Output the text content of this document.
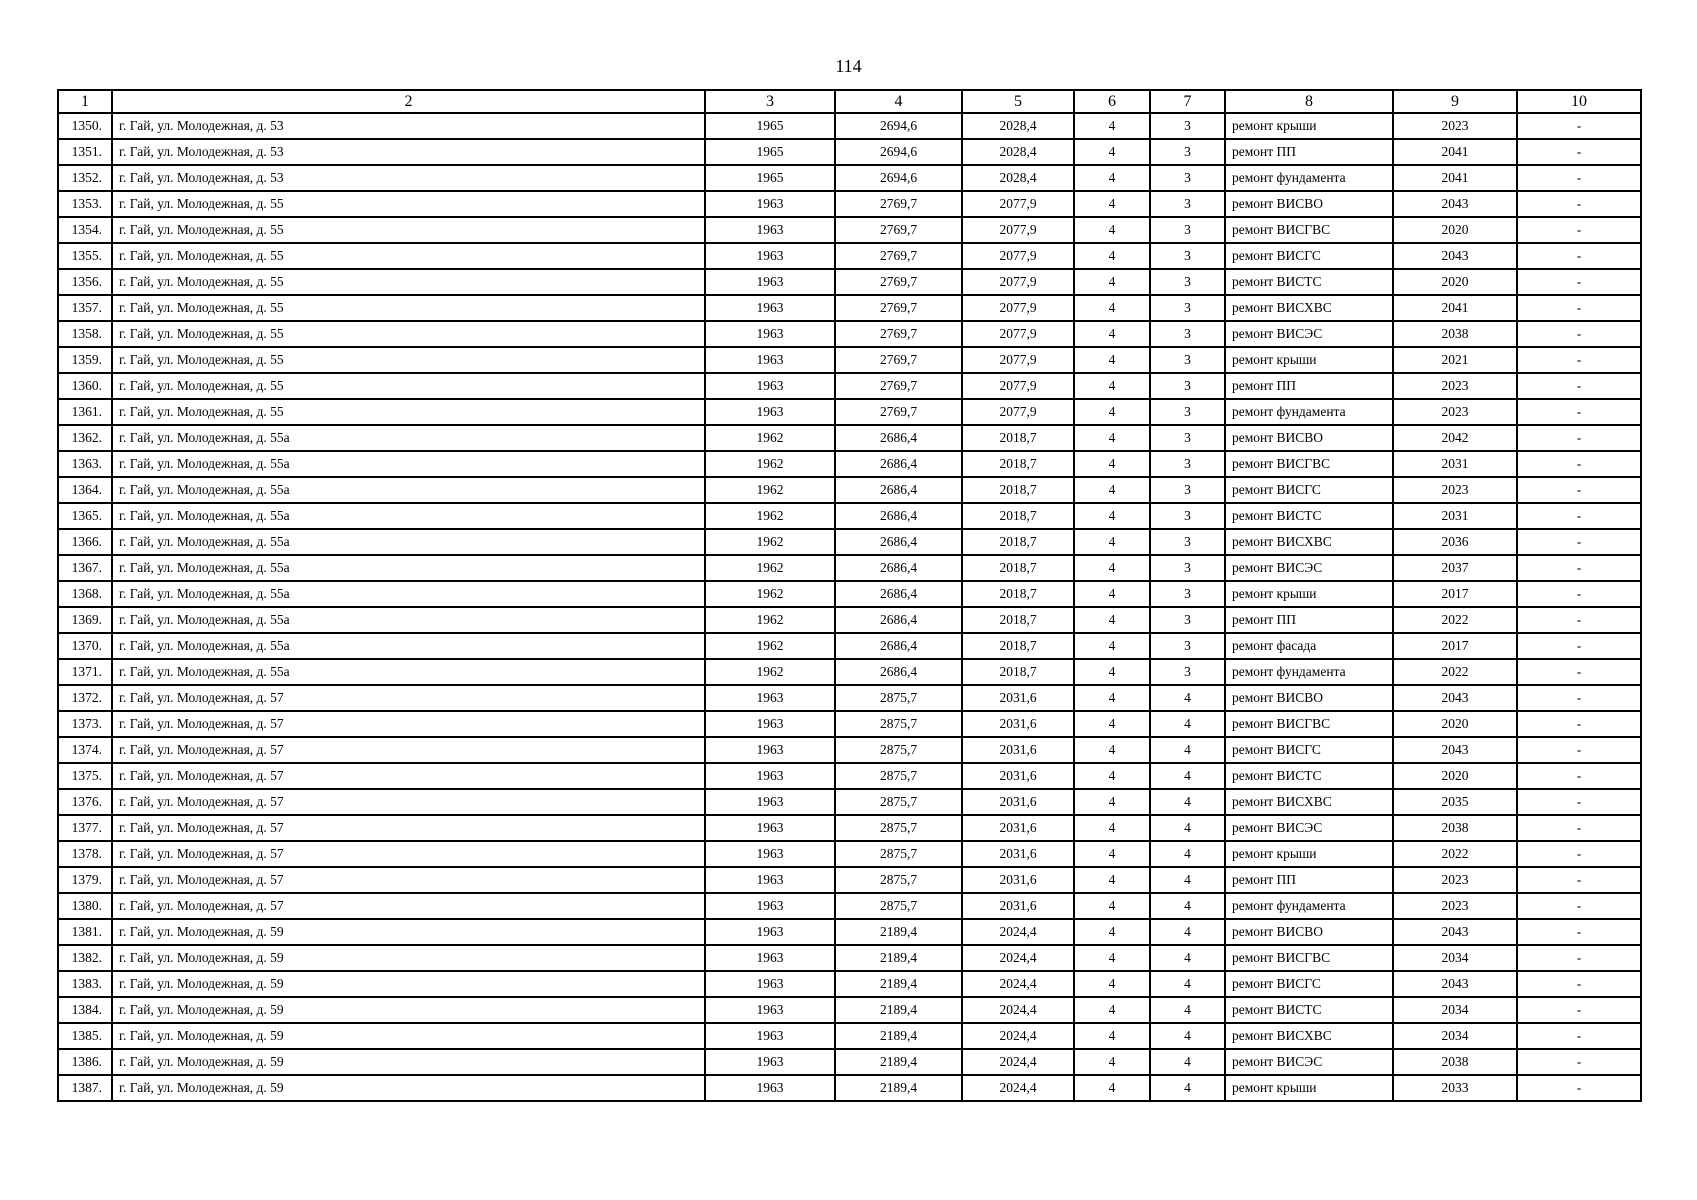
114
1	2	3	4	5	6	7	8	9	10
1350.	г. Гай, ул. Молодежная, д. 53	1965	2694,6	2028,4	4	3	ремонт крыши	2023	-
1351.	г. Гай, ул. Молодежная, д. 53	1965	2694,6	2028,4	4	3	ремонт ПП	2041	-
1352.	г. Гай, ул. Молодежная, д. 53	1965	2694,6	2028,4	4	3	ремонт фундамента	2041	-
1353.	г. Гай, ул. Молодежная, д. 55	1963	2769,7	2077,9	4	3	ремонт ВИСВО	2043	-
1354.	г. Гай, ул. Молодежная, д. 55	1963	2769,7	2077,9	4	3	ремонт ВИСГВС	2020	-
1355.	г. Гай, ул. Молодежная, д. 55	1963	2769,7	2077,9	4	3	ремонт ВИСГС	2043	-
1356.	г. Гай, ул. Молодежная, д. 55	1963	2769,7	2077,9	4	3	ремонт ВИСТС	2020	-
1357.	г. Гай, ул. Молодежная, д. 55	1963	2769,7	2077,9	4	3	ремонт ВИСХВС	2041	-
1358.	г. Гай, ул. Молодежная, д. 55	1963	2769,7	2077,9	4	3	ремонт ВИСЭС	2038	-
1359.	г. Гай, ул. Молодежная, д. 55	1963	2769,7	2077,9	4	3	ремонт крыши	2021	-
1360.	г. Гай, ул. Молодежная, д. 55	1963	2769,7	2077,9	4	3	ремонт ПП	2023	-
1361.	г. Гай, ул. Молодежная, д. 55	1963	2769,7	2077,9	4	3	ремонт фундамента	2023	-
1362.	г. Гай, ул. Молодежная, д. 55а	1962	2686,4	2018,7	4	3	ремонт ВИСВО	2042	-
1363.	г. Гай, ул. Молодежная, д. 55а	1962	2686,4	2018,7	4	3	ремонт ВИСГВС	2031	-
1364.	г. Гай, ул. Молодежная, д. 55а	1962	2686,4	2018,7	4	3	ремонт ВИСГС	2023	-
1365.	г. Гай, ул. Молодежная, д. 55а	1962	2686,4	2018,7	4	3	ремонт ВИСТС	2031	-
1366.	г. Гай, ул. Молодежная, д. 55а	1962	2686,4	2018,7	4	3	ремонт ВИСХВС	2036	-
1367.	г. Гай, ул. Молодежная, д. 55а	1962	2686,4	2018,7	4	3	ремонт ВИСЭС	2037	-
1368.	г. Гай, ул. Молодежная, д. 55а	1962	2686,4	2018,7	4	3	ремонт крыши	2017	-
1369.	г. Гай, ул. Молодежная, д. 55а	1962	2686,4	2018,7	4	3	ремонт ПП	2022	-
1370.	г. Гай, ул. Молодежная, д. 55а	1962	2686,4	2018,7	4	3	ремонт фасада	2017	-
1371.	г. Гай, ул. Молодежная, д. 55а	1962	2686,4	2018,7	4	3	ремонт фундамента	2022	-
1372.	г. Гай, ул. Молодежная, д. 57	1963	2875,7	2031,6	4	4	ремонт ВИСВО	2043	-
1373.	г. Гай, ул. Молодежная, д. 57	1963	2875,7	2031,6	4	4	ремонт ВИСГВС	2020	-
1374.	г. Гай, ул. Молодежная, д. 57	1963	2875,7	2031,6	4	4	ремонт ВИСГС	2043	-
1375.	г. Гай, ул. Молодежная, д. 57	1963	2875,7	2031,6	4	4	ремонт ВИСТС	2020	-
1376.	г. Гай, ул. Молодежная, д. 57	1963	2875,7	2031,6	4	4	ремонт ВИСХВС	2035	-
1377.	г. Гай, ул. Молодежная, д. 57	1963	2875,7	2031,6	4	4	ремонт ВИСЭС	2038	-
1378.	г. Гай, ул. Молодежная, д. 57	1963	2875,7	2031,6	4	4	ремонт крыши	2022	-
1379.	г. Гай, ул. Молодежная, д. 57	1963	2875,7	2031,6	4	4	ремонт ПП	2023	-
1380.	г. Гай, ул. Молодежная, д. 57	1963	2875,7	2031,6	4	4	ремонт фундамента	2023	-
1381.	г. Гай, ул. Молодежная, д. 59	1963	2189,4	2024,4	4	4	ремонт ВИСВО	2043	-
1382.	г. Гай, ул. Молодежная, д. 59	1963	2189,4	2024,4	4	4	ремонт ВИСГВС	2034	-
1383.	г. Гай, ул. Молодежная, д. 59	1963	2189,4	2024,4	4	4	ремонт ВИСГС	2043	-
1384.	г. Гай, ул. Молодежная, д. 59	1963	2189,4	2024,4	4	4	ремонт ВИСТС	2034	-
1385.	г. Гай, ул. Молодежная, д. 59	1963	2189,4	2024,4	4	4	ремонт ВИСХВС	2034	-
1386.	г. Гай, ул. Молодежная, д. 59	1963	2189,4	2024,4	4	4	ремонт ВИСЭС	2038	-
1387.	г. Гай, ул. Молодежная, д. 59	1963	2189,4	2024,4	4	4	ремонт крыши	2033	-
